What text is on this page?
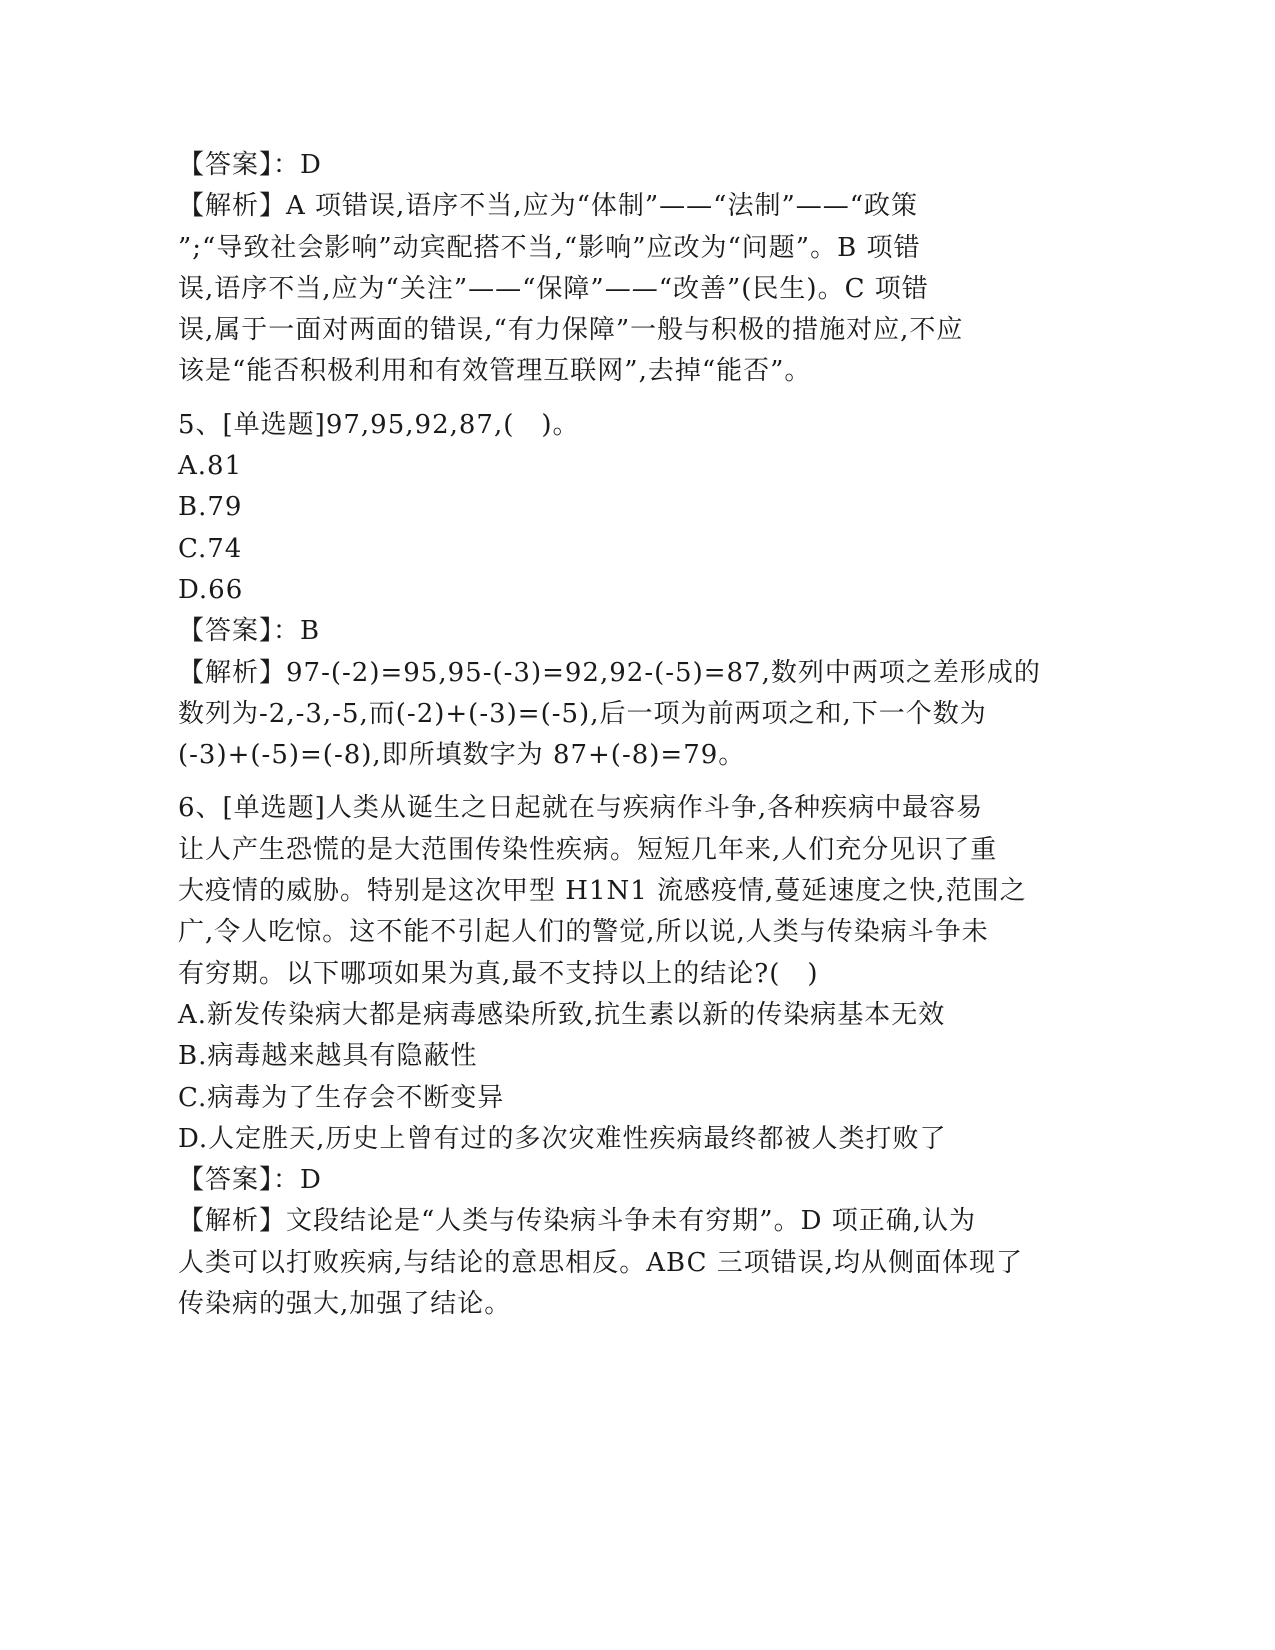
【答案】：D

【解析】A 项错误,语序不当,应为“体制”——“法制”——“政策

”;“导致社会影响”动宾配搭不当,“影响”应改为“问题”。B 项错

误,语序不当,应为“关注”——“保障”——“改善”(民生)。C 项错

误,属于一面对两面的错误,“有力保障”一般与积极的措施对应,不应

该是“能否积极利用和有效管理互联网”,去掉“能否”。

5、[单选题]97,95,92,87,(　)。

A.81

B.79

C.74

D.66

【答案】：B

【解析】97-(-2)=95,95-(-3)=92,92-(-5)=87,数列中两项之差形成的

数列为-2,-3,-5,而(-2)+(-3)=(-5),后一项为前两项之和,下一个数为

(-3)+(-5)=(-8),即所填数字为 87+(-8)=79。

6、[单选题]人类从诞生之日起就在与疾病作斗争,各种疾病中最容易

让人产生恐慌的是大范围传染性疾病。短短几年来,人们充分见识了重

大疫情的威胁。特别是这次甲型 H1N1 流感疫情,蔓延速度之快,范围之

广,令人吃惊。这不能不引起人们的警觉,所以说,人类与传染病斗争未

有穷期。以下哪项如果为真,最不支持以上的结论?(　)

A.新发传染病大都是病毒感染所致,抗生素以新的传染病基本无效

B.病毒越来越具有隐蔽性

C.病毒为了生存会不断变异

D.人定胜天,历史上曾有过的多次灾难性疾病最终都被人类打败了

【答案】：D

【解析】文段结论是“人类与传染病斗争未有穷期”。D 项正确,认为

人类可以打败疾病,与结论的意思相反。ABC 三项错误,均从侧面体现了

传染病的强大,加强了结论。
